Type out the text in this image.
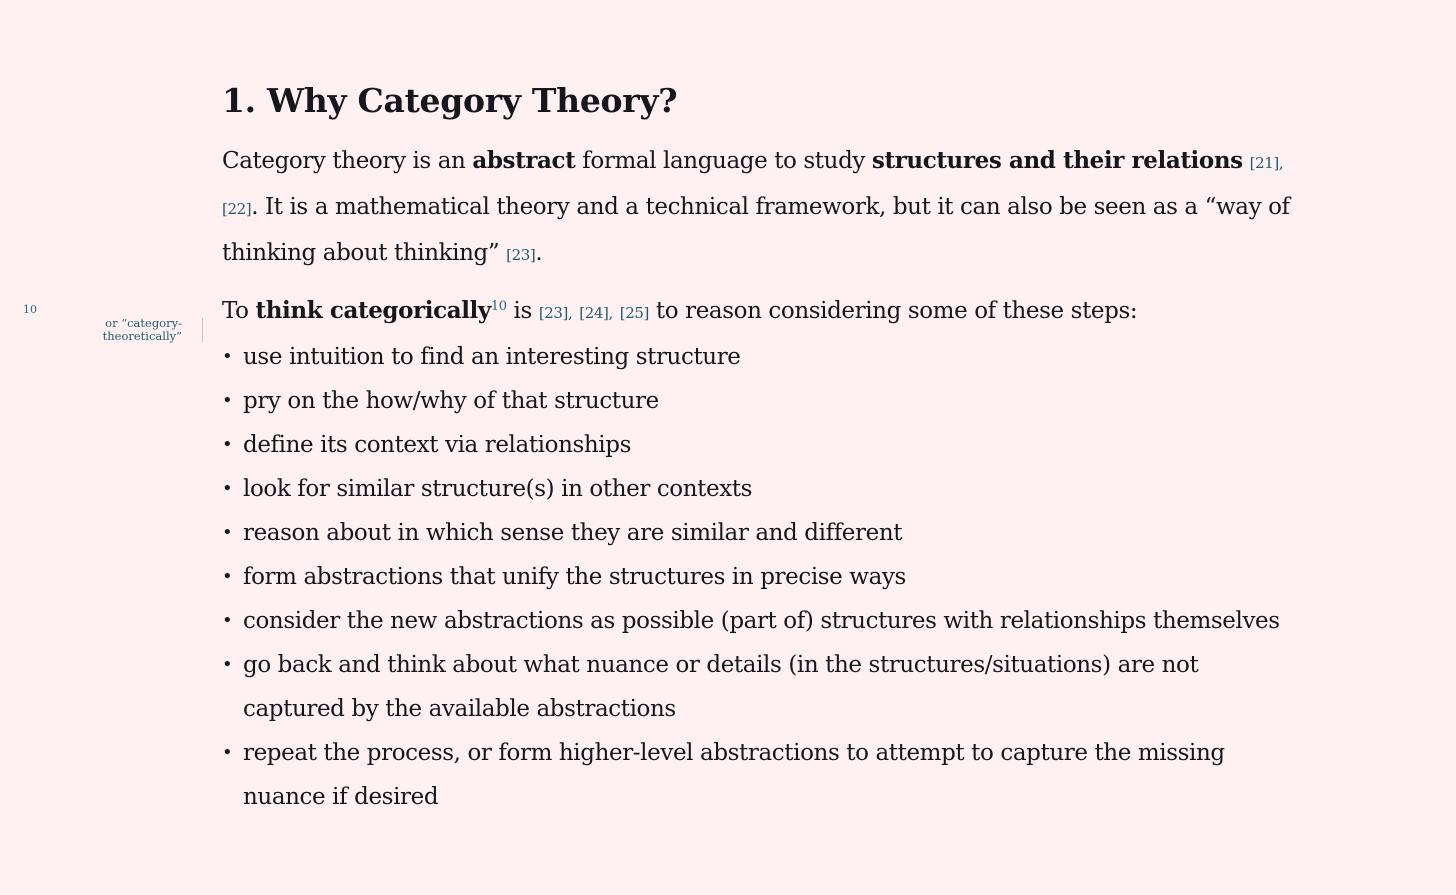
10
or “category-theoretically”
1. Why Category Theory?

Category theory is an abstract formal language to study structures and their relations [21], [22]. It is a mathematical theory and a technical framework, but it can also be seen as a “way of thinking about thinking” [23].

To think categorically$^{10}$ is [23], [24], [25] to reason considering some of these steps:

• use intuition to find an interesting structure
• pry on the how/why of that structure
• define its context via relationships
• look for similar structure(s) in other contexts
• reason about in which sense they are similar and different
• form abstractions that unify the structures in precise ways
• consider the new abstractions as possible (part of) structures with relationships themselves
• go back and think about what nuance or details (in the structures/situations) are not captured by the available abstractions
• repeat the process, or form higher-level abstractions to attempt to capture the missing nuance if desired
